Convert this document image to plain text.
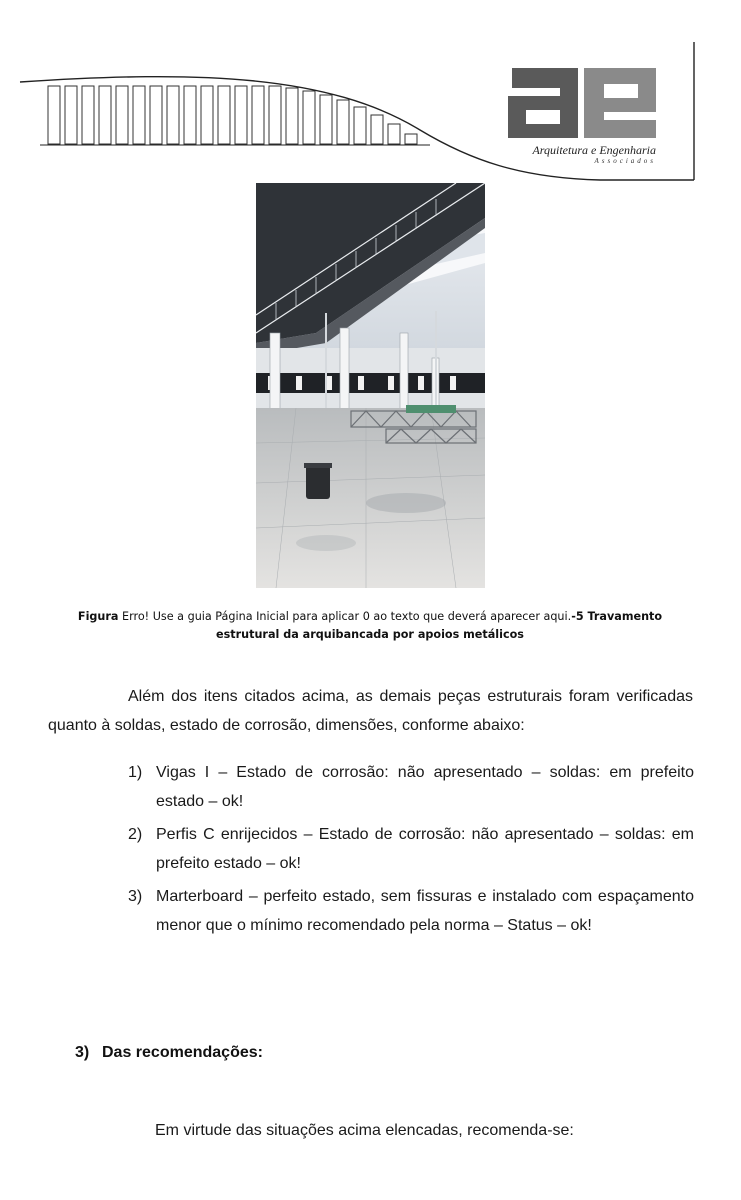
Arquitetura e Engenharia
Associados
Figura Erro! Use a guia Página Inicial para aplicar 0 ao texto que deverá aparecer aqui.-5 Travamento
estrutural da arquibancada por apoios metálicos
Além dos itens citados acima, as demais peças estruturais foram verificadas quanto à soldas, estado de corrosão, dimensões, conforme abaixo:
1) Vigas I – Estado de corrosão: não apresentado – soldas: em prefeito estado – ok!
2) Perfis C enrijecidos – Estado de corrosão: não apresentado – soldas: em prefeito estado – ok!
3) Marterboard – perfeito estado, sem fissuras e instalado com espaçamento menor que o mínimo recomendado pela norma – Status – ok!
3) Das recomendações:
Em virtude das situações acima elencadas, recomenda-se:
